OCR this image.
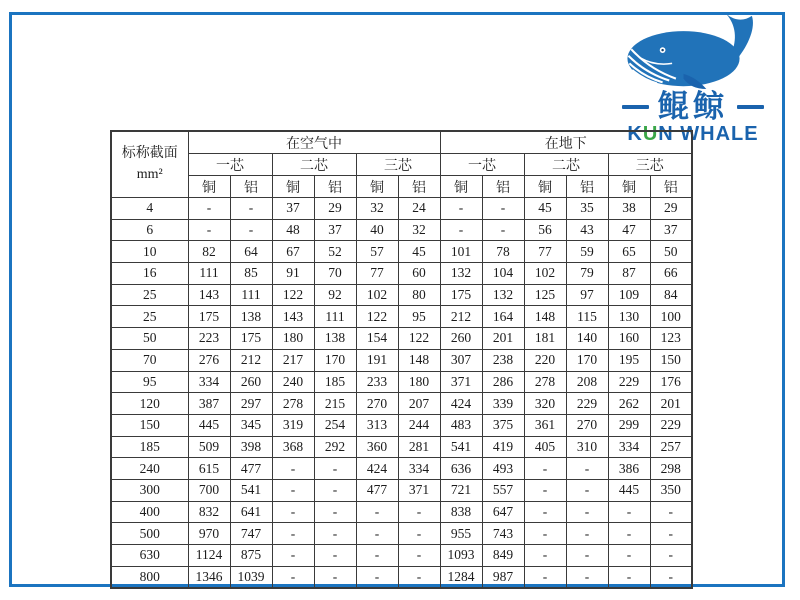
鲲鲸
KUN WHALE
标称截面
mm²	在空气中						在地下					
	一芯		二芯		三芯		一芯		二芯		三芯	
	铜	铝	铜	铝	铜	铝	铜	铝	铜	铝	铜	铝
4	-	-	37	29	32	24	-	-	45	35	38	29
6	-	-	48	37	40	32	-	-	56	43	47	37
10	82	64	67	52	57	45	101	78	77	59	65	50
16	111	85	91	70	77	60	132	104	102	79	87	66
25	143	111	122	92	102	80	175	132	125	97	109	84
25	175	138	143	111	122	95	212	164	148	115	130	100
50	223	175	180	138	154	122	260	201	181	140	160	123
70	276	212	217	170	191	148	307	238	220	170	195	150
95	334	260	240	185	233	180	371	286	278	208	229	176
120	387	297	278	215	270	207	424	339	320	229	262	201
150	445	345	319	254	313	244	483	375	361	270	299	229
185	509	398	368	292	360	281	541	419	405	310	334	257
240	615	477	-	-	424	334	636	493	-	-	386	298
300	700	541	-	-	477	371	721	557	-	-	445	350
400	832	641	-	-	-	-	838	647	-	-	-	-
500	970	747	-	-	-	-	955	743	-	-	-	-
630	1124	875	-	-	-	-	1093	849	-	-	-	-
800	1346	1039	-	-	-	-	1284	987	-	-	-	-
